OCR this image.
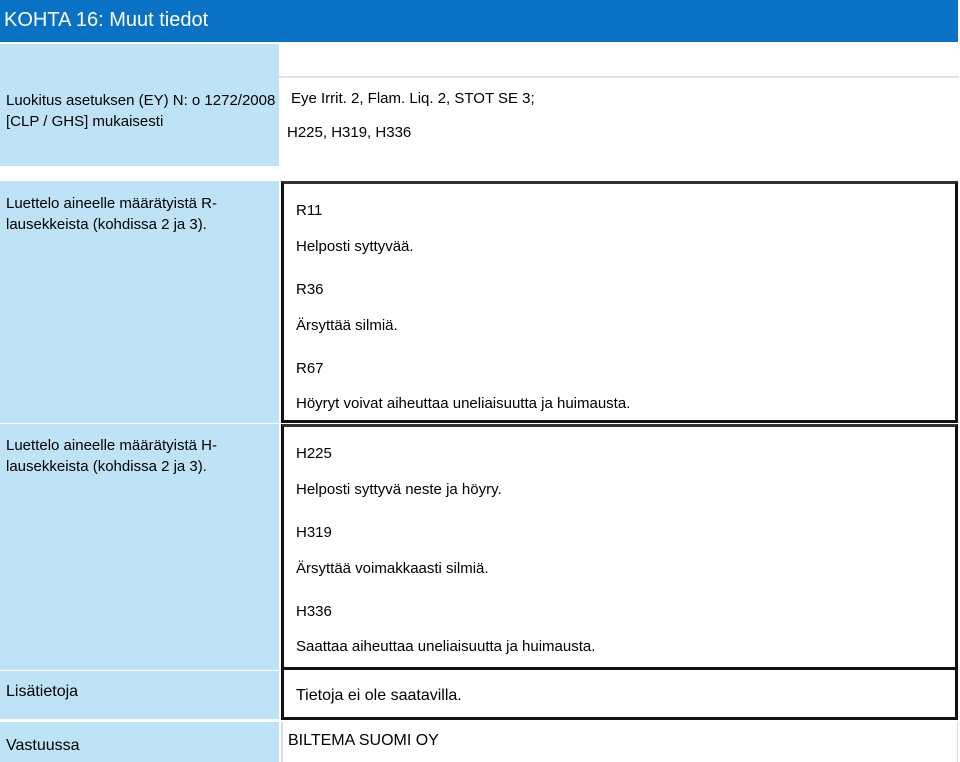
KOHTA 16: Muut tiedot
Luokitus asetuksen (EY) N: o 1272/2008 [CLP / GHS] mukaisesti
Eye Irrit. 2, Flam. Liq. 2, STOT SE 3;
H225, H319, H336
Luettelo aineelle määrätyistä R-lausekkeista (kohdissa 2 ja 3).
R11
Helposti syttyvää.
R36
Ärsyttää silmiä.
R67
Höyryt voivat aiheuttaa uneliaisuutta ja huimausta.
Luettelo aineelle määrätyistä H-lausekkeista (kohdissa 2 ja 3).
H225
Helposti syttyvä neste ja höyry.
H319
Ärsyttää voimakkaasti silmiä.
H336
Saattaa aiheuttaa uneliaisuutta ja huimausta.
Lisätietoja	Tietoja ei ole saatavilla.
Vastuussa	BILTEMA SUOMI OY
